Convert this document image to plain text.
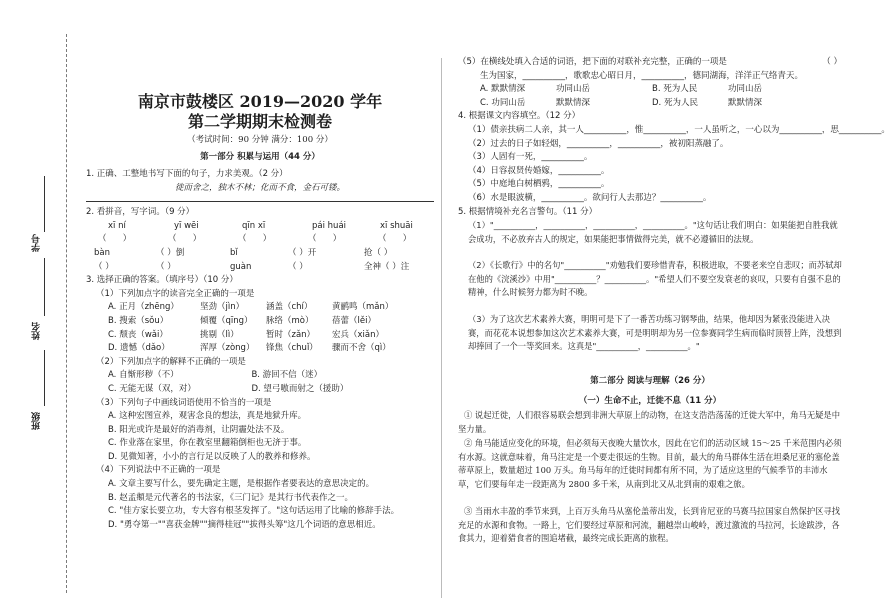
学号
姓名
班级
南京市鼓楼区 2019—2020 学年
第二学期期末检测卷
（考试时间：90 分钟 满分：100 分）
第一部分 积累与运用（44 分）
1. 正确、工整地书写下面的句子，力求美观。（2 分）
徙而舍之，独木不林；化而不食，金石可镂。
2. 看拼音，写字词。（9 分）
xī ní	yī wēi	qīn xī	pái huái	xī shuāi
（      ）	（      ）	（      ）	（      ）	（      ）
bàn	（ ）倒	bǐ	（ ）开	抢（ ）
（ ）	（ ）	guàn	（ ）	全神（ ）注
3. 选择正确的答案。（填序号）（10 分）
（1）下列加点字的读音完全正确的一项是
A. 正月（zhēng）	坚劲（jìn）	涵盖（chí）	黄鹂鸣（mǎn）
B. 搜索（sǒu）	倾覆（qīng）	脉络（mò）	蓓蕾（lěi）
C. 颓丧（wǎi）	挑剔（lì）	暂时（zǎn）	宏兵（xiǎn）
D. 遗憾（dǎo）	浑厚（zòng）	锋焦（chuǐ）	骤而不舍（qì）
（2）下列加点字的解释不正确的一项是
A. 自惭形秽（不）	B. 游回不信（迷）
C. 无能无谋（双，对）	D. 望弓嗷而射之（援助）
（3）下列句子中画线词语使用不恰当的一项是
A. 这种宏图宣养，观害念良的想法，真是地狱升库。
B. 阳光或许是最好的消毒剂，让阴霾处法不及。
C. 作业落在家里，你在教室里翻箱倒柜也无济于事。
D. 见微知著，小小的言行足以反映了人的教养和修养。
（4）下列说法中不正确的一项是
A. 文章主要写什么，要先确定主题，是根据作者要表达的意思决定的。
B. 赵孟頫是元代著名的书法家，《三门记》是其行书代表作之一。
C. "佳方家长要立功，专大容有根茎发挥了。"这句话运用了比喻的修辞手法。
D. "勇夺第一""喜获金牌""摘得桂冠""拔得头筹"这几个词语的意思相近。
（5）在横线处填入合适的词语，把下面的对联补充完整，正确的一项是	（ ）
生为国家，__________，歌歌忠心昭日月，__________，德同湖海，洋洋正气络青天。
A. 默默情深	功同山岳	B. 死为人民	功同山岳
C. 功同山岳	默默情深	D. 死为人民	默默情深
4. 根据课文内容填空。（12 分）
（1）债亲扶病二人亲，其一人__________，惟__________，一人虽听之，一心以为__________，思__________。
（2）过去的日子如轻烟，__________，__________，被初阳蒸融了。
（3）人固有一死，__________。
（4）日容叔贤传婚嫁，__________。
（5）中庭地白树栖鸦，__________。
（6）水是眼波横，__________。欲问行人去那边？__________。
5. 根据情境补充名言警句。（11 分）
（1）"__________，__________，__________，__________。"这句话让我们明白：如果能把自胜我就会成功，不必放弃古人的规定，如果能把事情做得完美，就不必遵循旧的法规。
（2）《长歌行》中的名句"__________"劝勉我们要珍惜青春，积极进取，不要老来空自悲叹；而苏轼却在他的《浣溪沙》中用"__________？__________。"希望人们不要空发衰老的哀叹，只要有自强不息的精神，什么时候努力都为时不晚。
（3）为了这次艺术素养大赛，明明可是下了一番苦功练习钢琴曲，结果，他却因为紧张没能进入决赛，而花花本说想参加这次艺术素养大赛，可是明明却为另一位参赛同学生病而临时顶替上阵，没想到却捧回了一个一等奖回来。这真是"__________，__________。"
第二部分 阅读与理解（26 分）
（一）生命不止，迁徙不息（11 分）
① 说起迁徙，人们很容易联会想到非洲大草原上的动物，在这支浩浩荡荡的迁徙大军中，角马无疑是中坚力量。
② 角马能适应变化的环境，但必须每天夜晚大量饮水，因此在它们的活动区域 15～25 千米范围内必须有水源。这就意味着，角马注定是一个要走很远的生物。目前，最大的角马群体生活在坦桑尼亚的塞伦盖蒂草原上，数量超过 100 万头。角马每年的迁徙时间都有所不同，为了适应这里的气候季节的丰沛水草，它们要每年走一段距离为 2800 多千米，从南到北又从北到南的艰难之旅。
③ 当雨水丰盈的季节来到，上百万头角马从塞伦盖蒂出发，长到肯尼亚的马赛马拉国家自然保护区寻找充足的水源和食物。一路上，它们要经过草原和河流，翻越崇山峻岭，渡过激流的马拉河，长途跋涉，各食其力，迎着猎食者的围追堵截，最终完成长距离的旅程。
